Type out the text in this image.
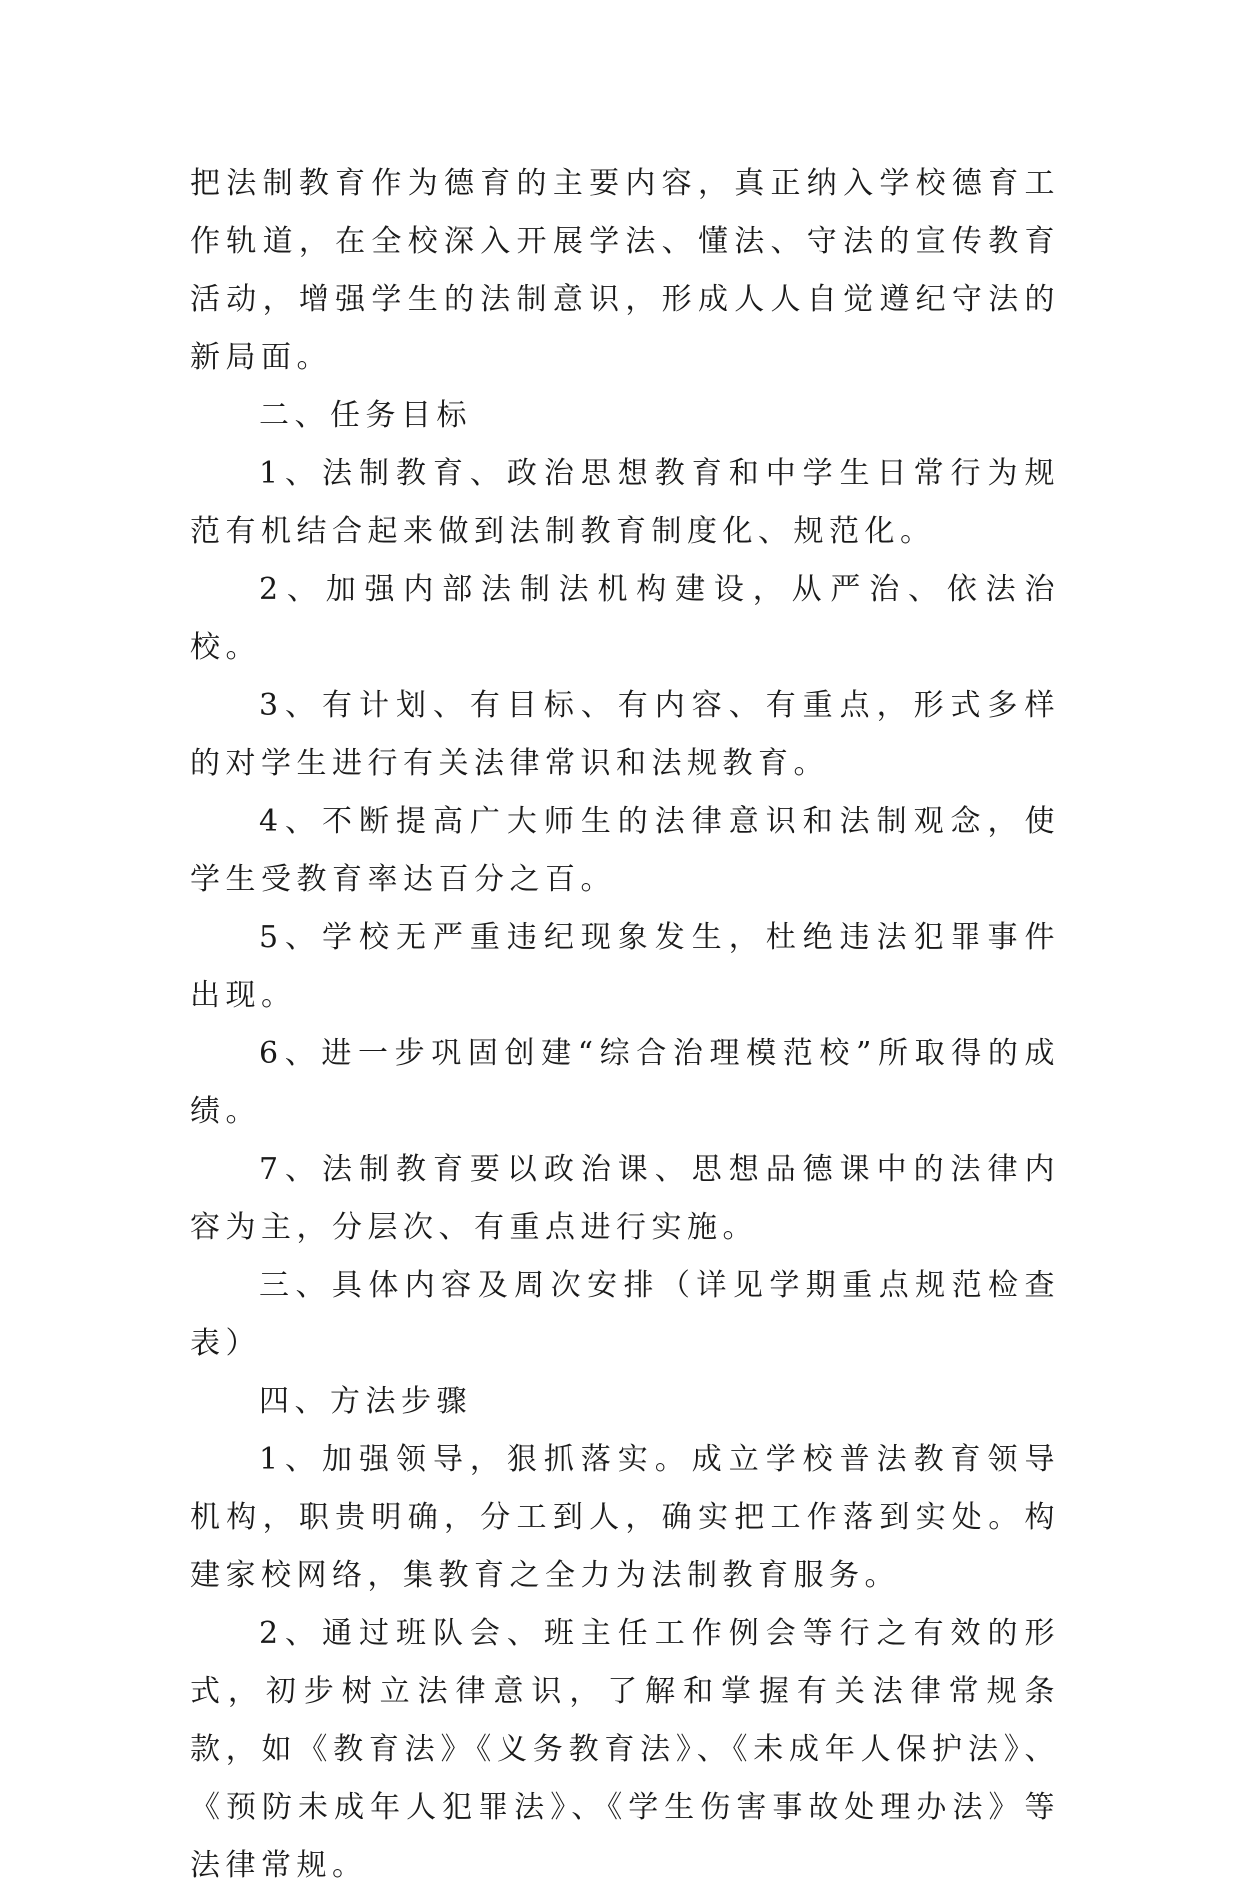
把法制教育作为德育的主要内容，真正纳入学校德育工作轨道，在全校深入开展学法、懂法、守法的宣传教育活动，增强学生的法制意识，形成人人自觉遵纪守法的新局面。

二、任务目标

1、法制教育、政治思想教育和中学生日常行为规范有机结合起来做到法制教育制度化、规范化。

2、加强内部法制法机构建设，从严治、依法治校。

3、有计划、有目标、有内容、有重点，形式多样的对学生进行有关法律常识和法规教育。

4、不断提高广大师生的法律意识和法制观念，使学生受教育率达百分之百。

5、学校无严重违纪现象发生，杜绝违法犯罪事件出现。

6、进一步巩固创建“综合治理模范校”所取得的成绩。

7、法制教育要以政治课、思想品德课中的法律内容为主，分层次、有重点进行实施。

三、具体内容及周次安排（详见学期重点规范检查表）

四、方法步骤

1、加强领导，狠抓落实。成立学校普法教育领导机构，职贵明确，分工到人，确实把工作落到实处。构建家校网络，集教育之全力为法制教育服务。

2、通过班队会、班主任工作例会等行之有效的形式，初步树立法律意识，了解和掌握有关法律常规条款，如《教育法》《义务教育法》、《未成年人保护法》、《预防未成年人犯罪法》、《学生伤害事故处理办法》等法律常规。
